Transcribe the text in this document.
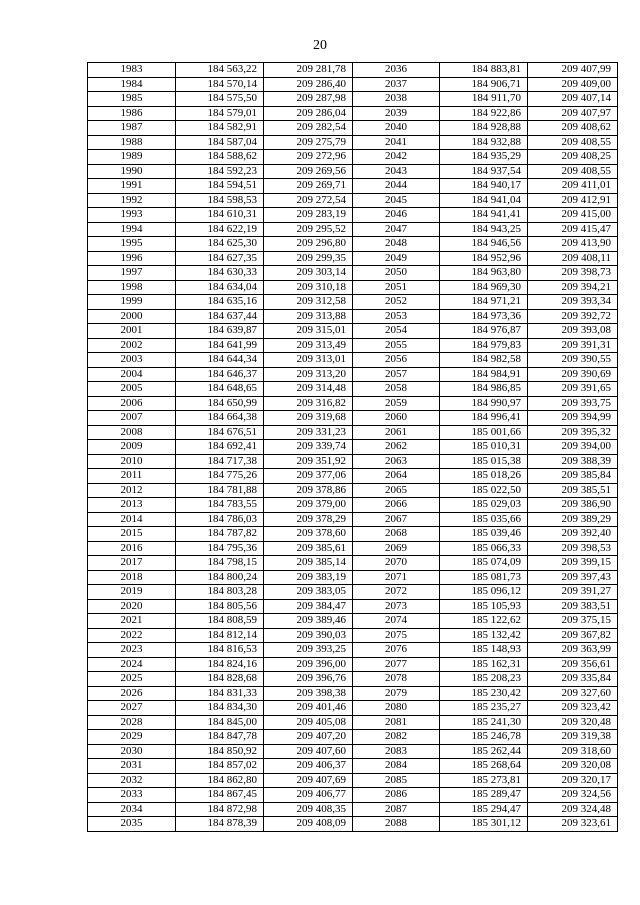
20
1983	184 563,22	209 281,78	2036	184 883,81	209 407,99
1984	184 570,14	209 286,40	2037	184 906,71	209 409,00
1985	184 575,50	209 287,98	2038	184 911,70	209 407,14
1986	184 579,01	209 286,04	2039	184 922,86	209 407,97
1987	184 582,91	209 282,54	2040	184 928,88	209 408,62
1988	184 587,04	209 275,79	2041	184 932,88	209 408,55
1989	184 588,62	209 272,96	2042	184 935,29	209 408,25
1990	184 592,23	209 269,56	2043	184 937,54	209 408,55
1991	184 594,51	209 269,71	2044	184 940,17	209 411,01
1992	184 598,53	209 272,54	2045	184 941,04	209 412,91
1993	184 610,31	209 283,19	2046	184 941,41	209 415,00
1994	184 622,19	209 295,52	2047	184 943,25	209 415,47
1995	184 625,30	209 296,80	2048	184 946,56	209 413,90
1996	184 627,35	209 299,35	2049	184 952,96	209 408,11
1997	184 630,33	209 303,14	2050	184 963,80	209 398,73
1998	184 634,04	209 310,18	2051	184 969,30	209 394,21
1999	184 635,16	209 312,58	2052	184 971,21	209 393,34
2000	184 637,44	209 313,88	2053	184 973,36	209 392,72
2001	184 639,87	209 315,01	2054	184 976,87	209 393,08
2002	184 641,99	209 313,49	2055	184 979,83	209 391,31
2003	184 644,34	209 313,01	2056	184 982,58	209 390,55
2004	184 646,37	209 313,20	2057	184 984,91	209 390,69
2005	184 648,65	209 314,48	2058	184 986,85	209 391,65
2006	184 650,99	209 316,82	2059	184 990,97	209 393,75
2007	184 664,38	209 319,68	2060	184 996,41	209 394,99
2008	184 676,51	209 331,23	2061	185 001,66	209 395,32
2009	184 692,41	209 339,74	2062	185 010,31	209 394,00
2010	184 717,38	209 351,92	2063	185 015,38	209 388,39
2011	184 775,26	209 377,06	2064	185 018,26	209 385,84
2012	184 781,88	209 378,86	2065	185 022,50	209 385,51
2013	184 783,55	209 379,00	2066	185 029,03	209 386,90
2014	184 786,03	209 378,29	2067	185 035,66	209 389,29
2015	184 787,82	209 378,60	2068	185 039,46	209 392,40
2016	184 795,36	209 385,61	2069	185 066,33	209 398,53
2017	184 798,15	209 385,14	2070	185 074,09	209 399,15
2018	184 800,24	209 383,19	2071	185 081,73	209 397,43
2019	184 803,28	209 383,05	2072	185 096,12	209 391,27
2020	184 805,56	209 384,47	2073	185 105,93	209 383,51
2021	184 808,59	209 389,46	2074	185 122,62	209 375,15
2022	184 812,14	209 390,03	2075	185 132,42	209 367,82
2023	184 816,53	209 393,25	2076	185 148,93	209 363,99
2024	184 824,16	209 396,00	2077	185 162,31	209 356,61
2025	184 828,68	209 396,76	2078	185 208,23	209 335,84
2026	184 831,33	209 398,38	2079	185 230,42	209 327,60
2027	184 834,30	209 401,46	2080	185 235,27	209 323,42
2028	184 845,00	209 405,08	2081	185 241,30	209 320,48
2029	184 847,78	209 407,20	2082	185 246,78	209 319,38
2030	184 850,92	209 407,60	2083	185 262,44	209 318,60
2031	184 857,02	209 406,37	2084	185 268,64	209 320,08
2032	184 862,80	209 407,69	2085	185 273,81	209 320,17
2033	184 867,45	209 406,77	2086	185 289,47	209 324,56
2034	184 872,98	209 408,35	2087	185 294,47	209 324,48
2035	184 878,39	209 408,09	2088	185 301,12	209 323,61
